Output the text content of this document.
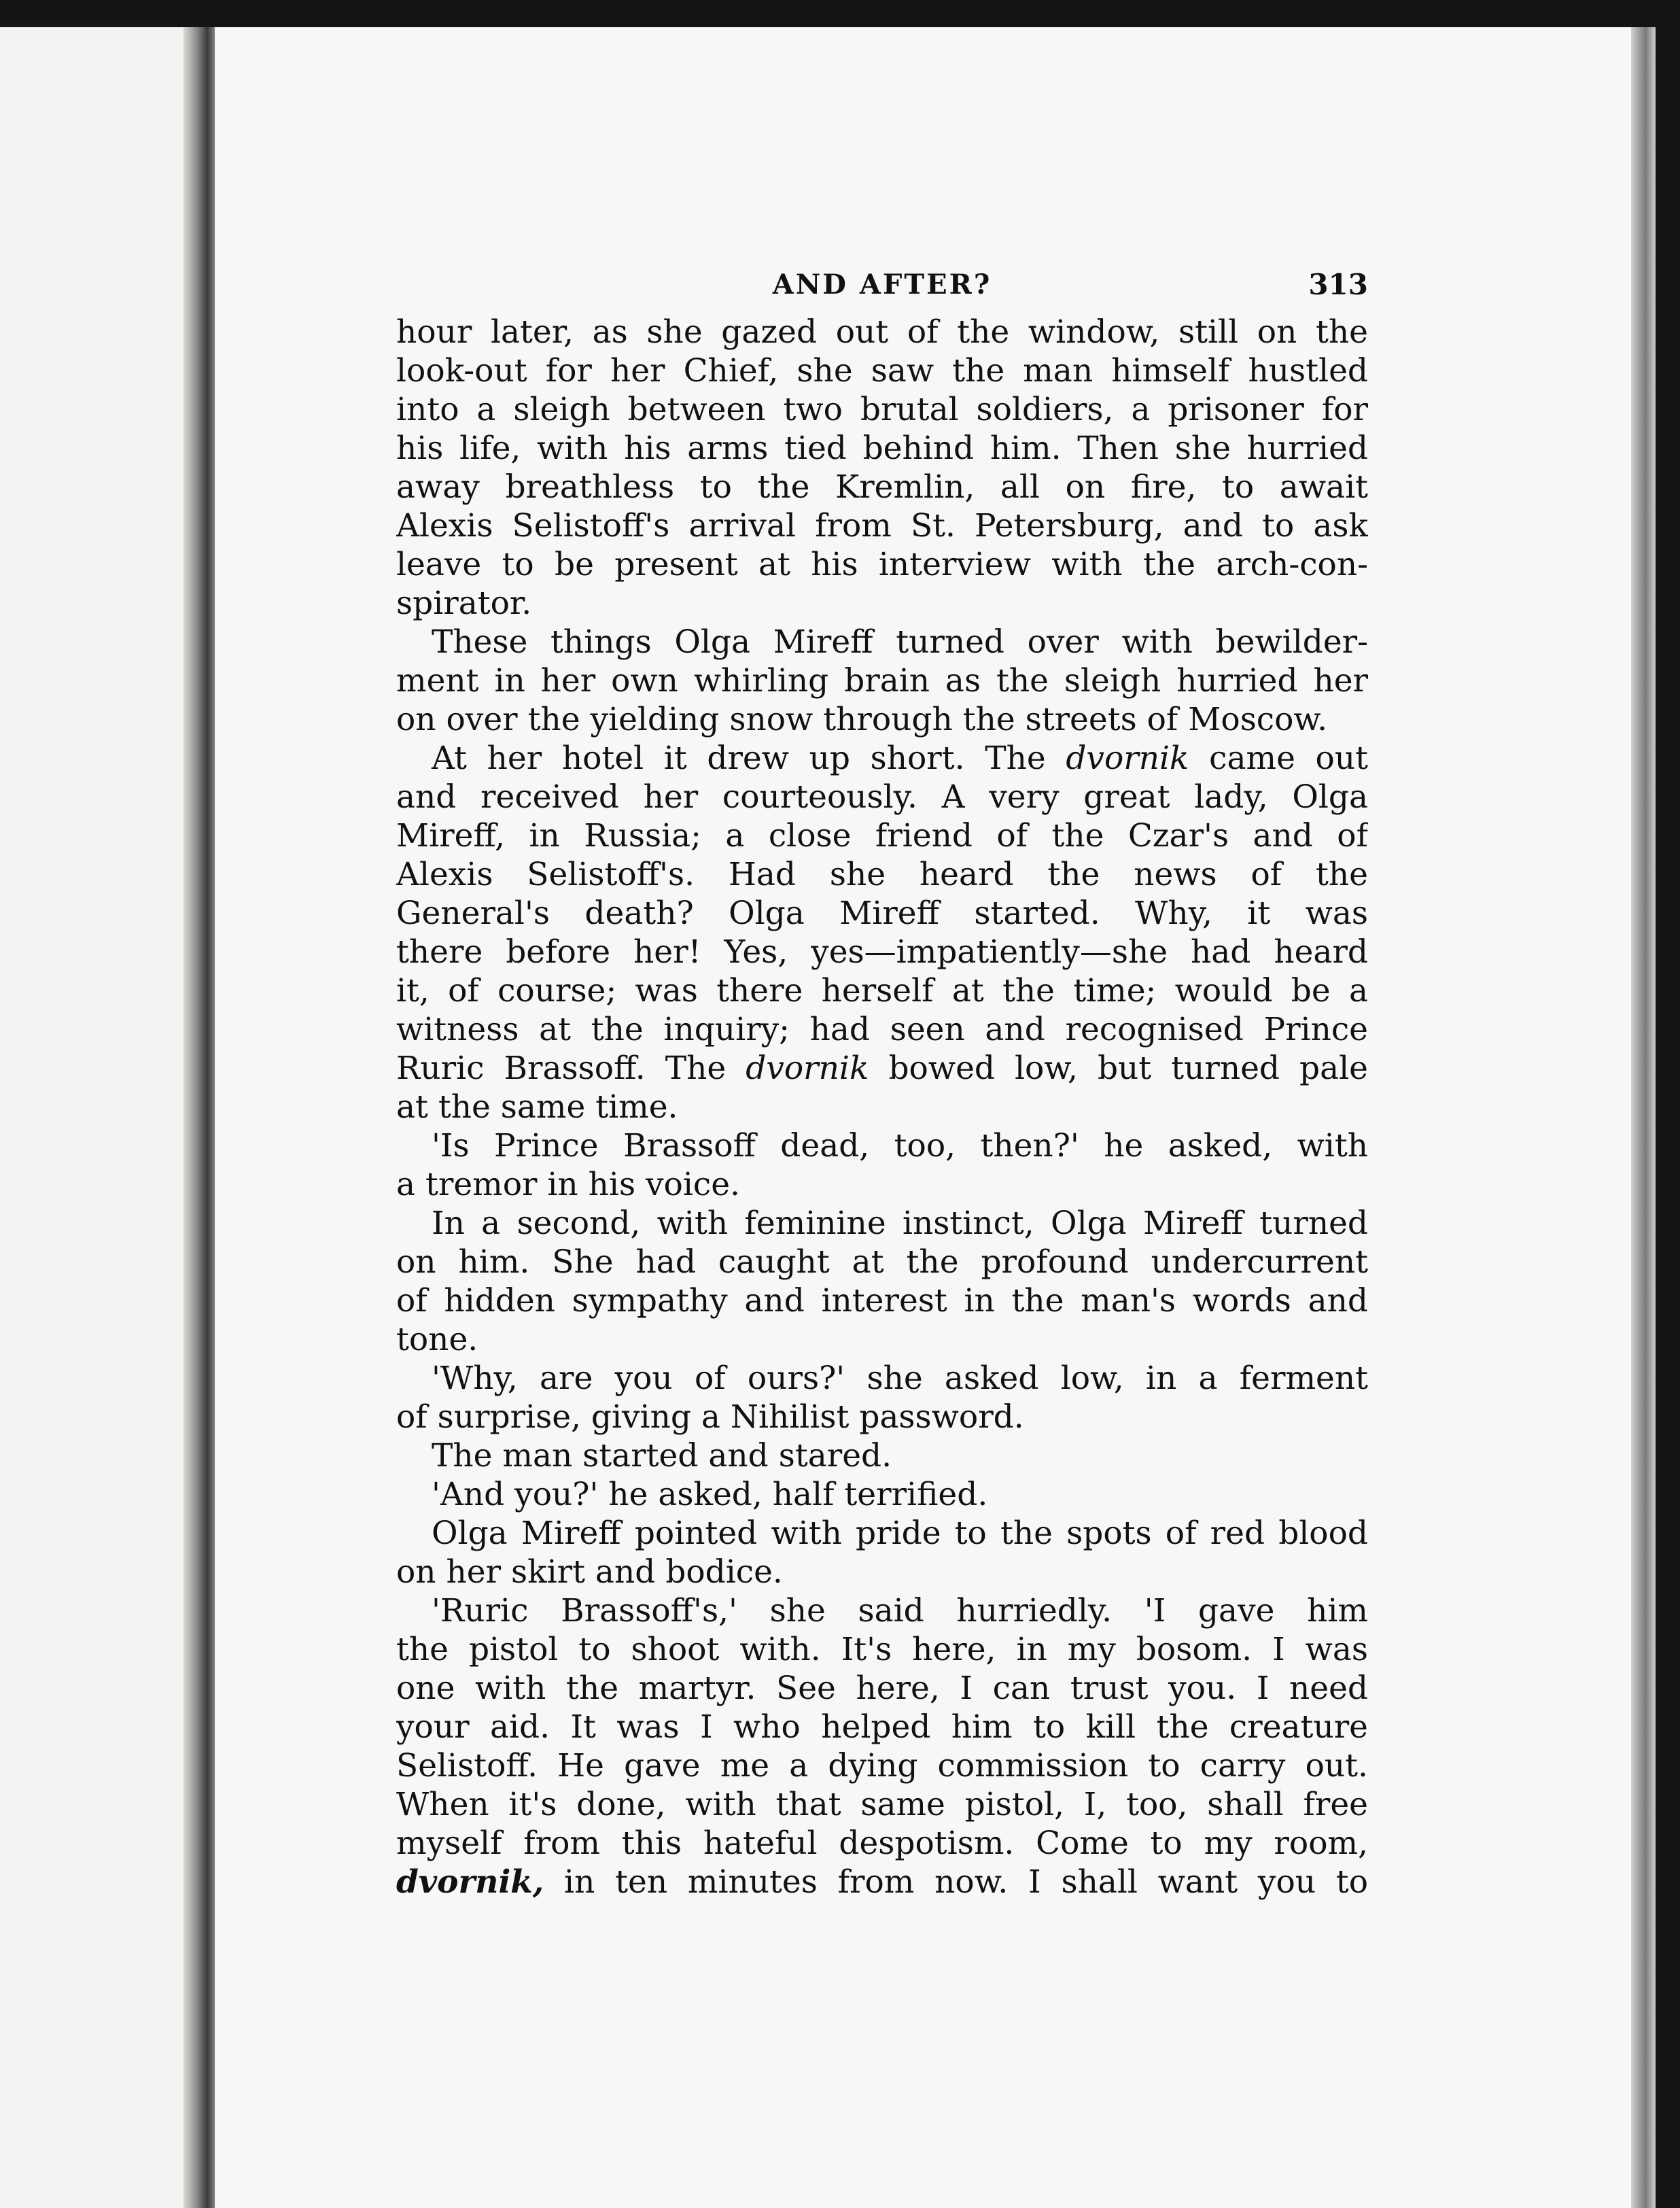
AND AFTER?	313
hour later, as she gazed out of the window, still on the
look-out for her Chief, she saw the man himself hustled
into a sleigh between two brutal soldiers, a prisoner for
his life, with his arms tied behind him. Then she hurried
away breathless to the Kremlin, all on fire, to await
Alexis Selistoff's arrival from St. Petersburg, and to ask
leave to be present at his interview with the arch-con-
spirator.
These things Olga Mireff turned over with bewilder-
ment in her own whirling brain as the sleigh hurried her
on over the yielding snow through the streets of Moscow.
At her hotel it drew up short. The dvornik came out
and received her courteously. A very great lady, Olga
Mireff, in Russia; a close friend of the Czar's and of
Alexis Selistoff's. Had she heard the news of the
General's death? Olga Mireff started. Why, it was
there before her! Yes, yes—impatiently—she had heard
it, of course; was there herself at the time; would be a
witness at the inquiry; had seen and recognised Prince
Ruric Brassoff. The dvornik bowed low, but turned pale
at the same time.
'Is Prince Brassoff dead, too, then?' he asked, with
a tremor in his voice.
In a second, with feminine instinct, Olga Mireff turned
on him. She had caught at the profound undercurrent
of hidden sympathy and interest in the man's words and
tone.
'Why, are you of ours?' she asked low, in a ferment
of surprise, giving a Nihilist password.
The man started and stared.
'And you?' he asked, half terrified.
Olga Mireff pointed with pride to the spots of red blood
on her skirt and bodice.
'Ruric Brassoff's,' she said hurriedly. 'I gave him
the pistol to shoot with. It's here, in my bosom. I was
one with the martyr. See here, I can trust you. I need
your aid. It was I who helped him to kill the creature
Selistoff. He gave me a dying commission to carry out.
When it's done, with that same pistol, I, too, shall free
myself from this hateful despotism. Come to my room,
dvornik, in ten minutes from now. I shall want you to
